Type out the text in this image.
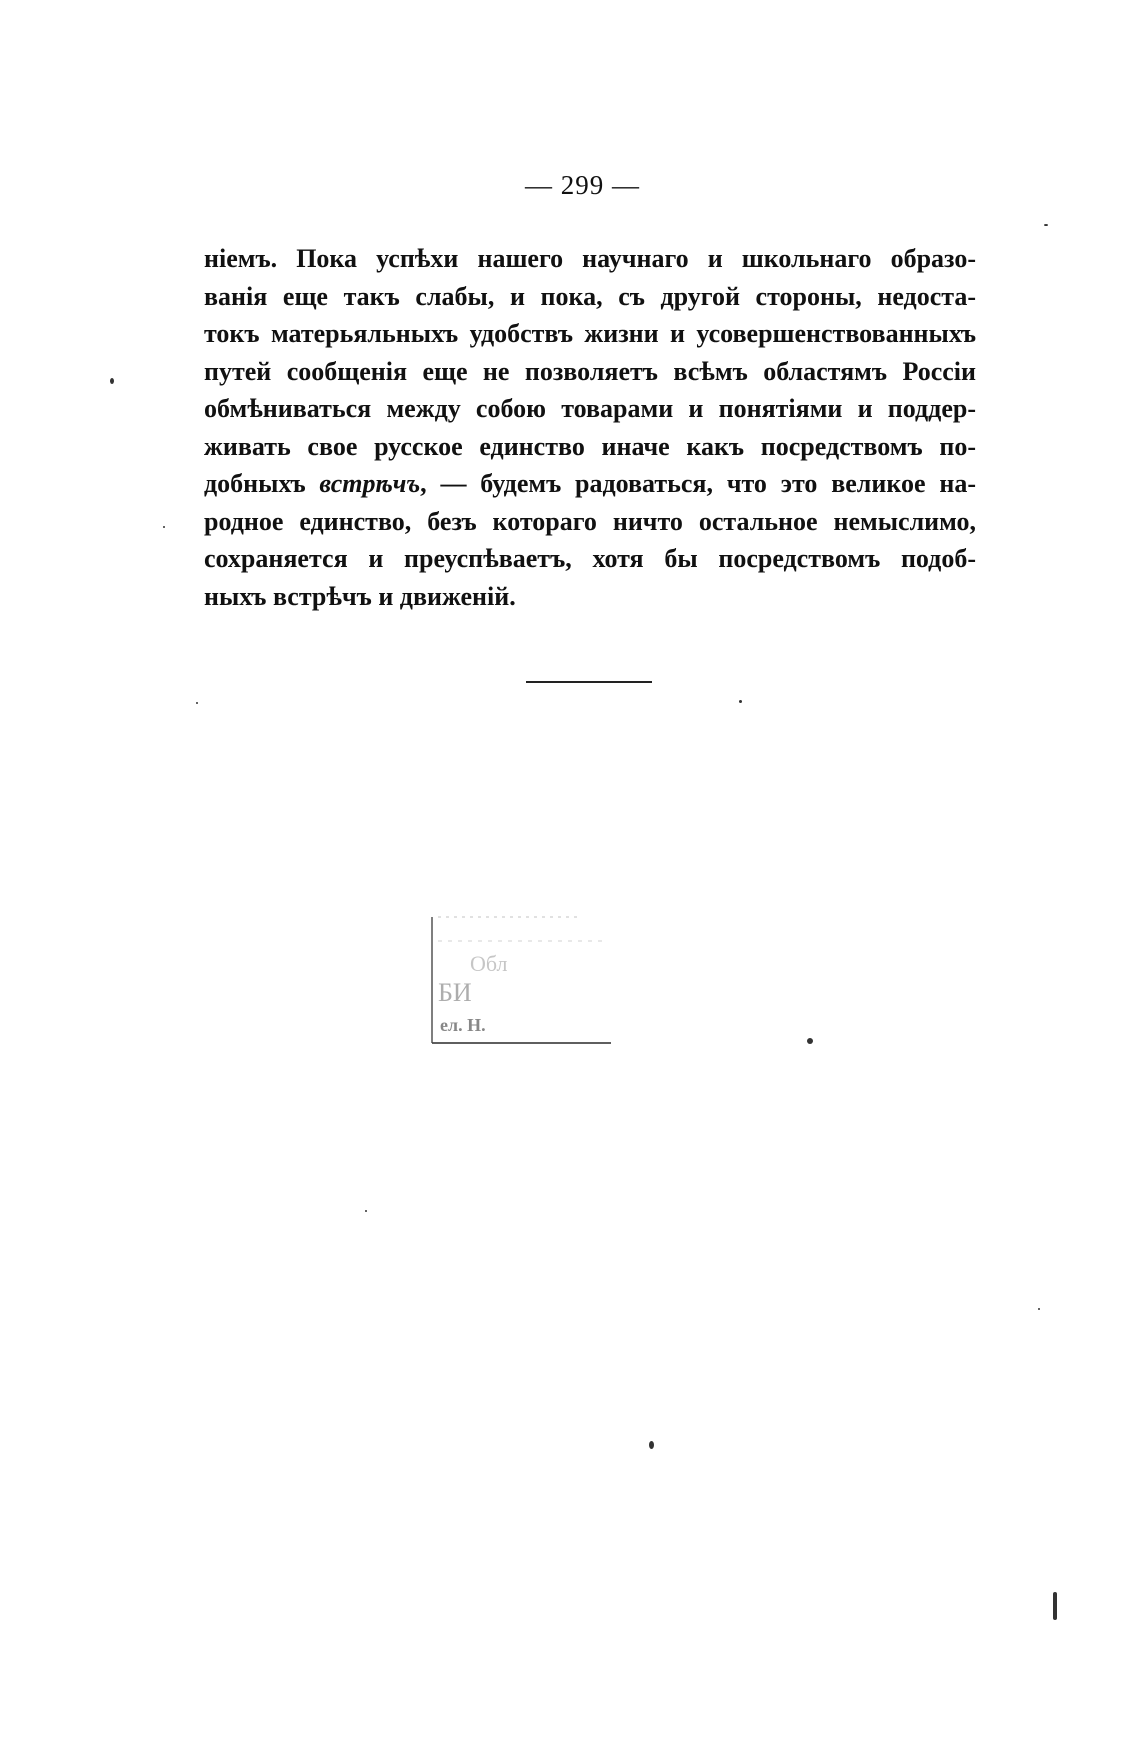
— 299 —
ніемъ. Пока успѣхи нашего научнаго и школьнаго образо-
ванія еще такъ слабы, и пока, съ другой стороны, недоста-
токъ матерьяльныхъ удобствъ жизни и усовершенствованныхъ
путей сообщенія еще не позволяетъ всѣмъ областямъ Россіи
обмѣниваться между собою товарами и понятіями и поддер-
живать свое русское единство иначе какъ посредствомъ по-
добныхъ встрѣчъ, — будемъ радоваться, что это великое на-
родное единство, безъ котораго ничто остальное немыслимо,
сохраняется и преуспѣваетъ, хотя бы посредствомъ подоб-
ныхъ встрѣчъ и движеній.
Обл
БИ
ел. Н.
